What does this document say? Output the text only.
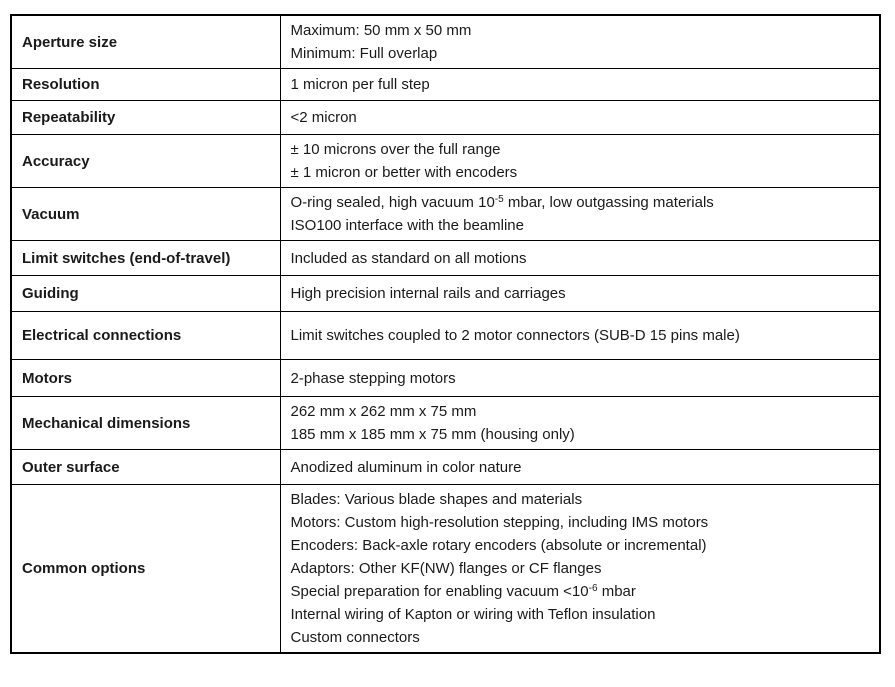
Aperture size	Maximum: 50 mm x 50 mm
Minimum: Full overlap

Resolution	1 micron per full step

Repeatability	<2 micron

Accuracy	± 10 microns over the full range
± 1 micron or better with encoders

Vacuum	O-ring sealed, high vacuum $10^{-5}$ mbar, low outgassing materials
ISO100 interface with the beamline

Limit switches (end-of-travel)	Included as standard on all motions

Guiding	High precision internal rails and carriages

Electrical connections	Limit switches coupled to 2 motor connectors (SUB-D 15 pins male)

Motors	2-phase stepping motors

Mechanical dimensions	262 mm x 262 mm x 75 mm
185 mm x 185 mm x 75 mm (housing only)

Outer surface	Anodized aluminum in color nature

Common options	
Blades: Various blade shapes and materials
Motors: Custom high-resolution stepping, including IMS motors
Encoders: Back-axle rotary encoders (absolute or incremental)
Adaptors: Other KF(NW) flanges or CF flanges
Special preparation for enabling vacuum $<10^{-6}$ mbar
Internal wiring of Kapton or wiring with Teflon insulation
Custom connectors
